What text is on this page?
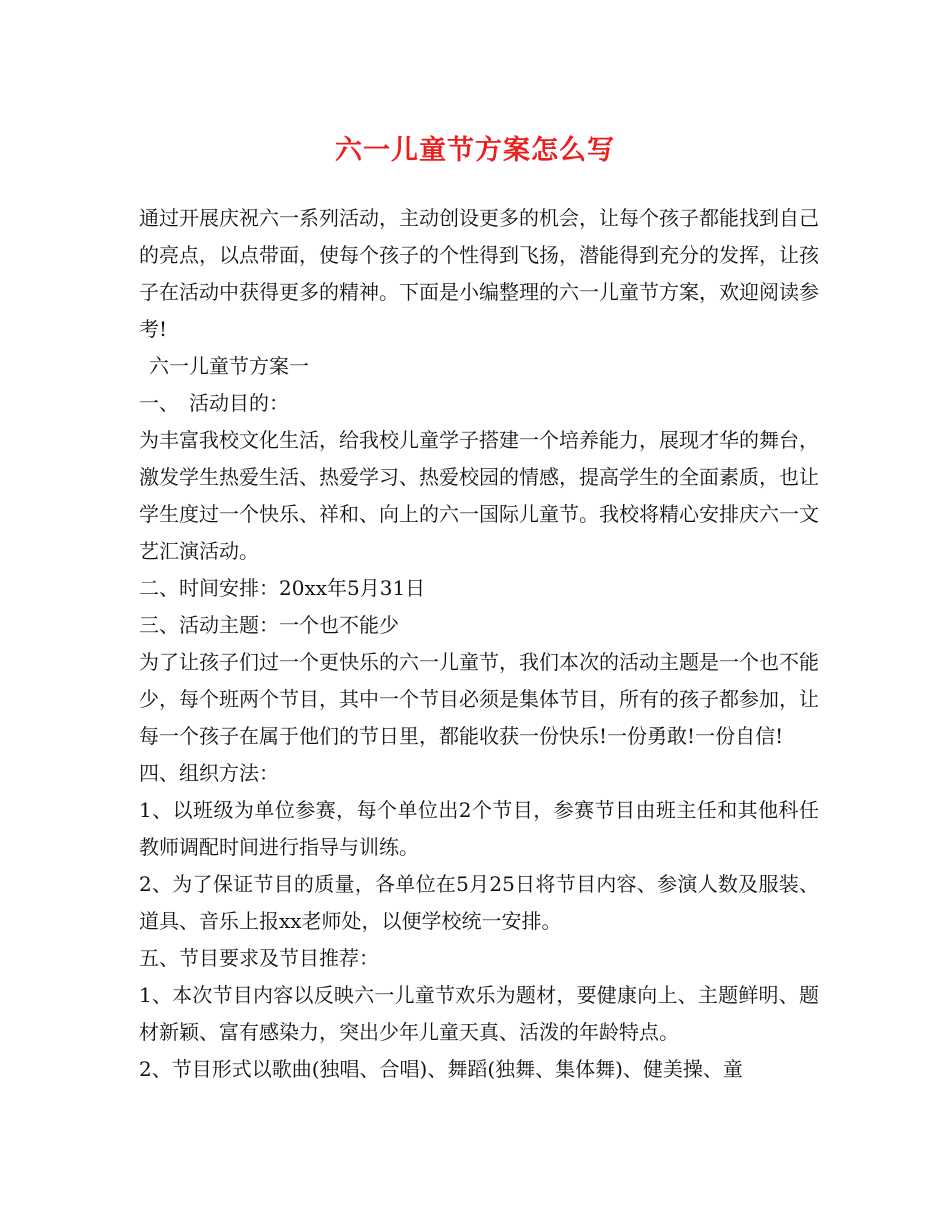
六一儿童节方案怎么写

通过开展庆祝六一系列活动，主动创设更多的机会，让每个孩子都能找到自己的亮点，以点带面，使每个孩子的个性得到飞扬，潜能得到充分的发挥，让孩子在活动中获得更多的精神。下面是小编整理的六一儿童节方案，欢迎阅读参考!

六一儿童节方案一

一、　活动目的：

为丰富我校文化生活，给我校儿童学子搭建一个培养能力，展现才华的舞台，激发学生热爱生活、热爱学习、热爱校园的情感，提高学生的全面素质，也让学生度过一个快乐、祥和、向上的六一国际儿童节。我校将精心安排庆六一文艺汇演活动。

二、时间安排：20xx年5月31日

三、活动主题：一个也不能少

为了让孩子们过一个更快乐的六一儿童节，我们本次的活动主题是一个也不能少，每个班两个节目，其中一个节目必须是集体节目，所有的孩子都参加，让每一个孩子在属于他们的节日里，都能收获一份快乐!一份勇敢!一份自信!

四、组织方法：

1、以班级为单位参赛，每个单位出2个节目，参赛节目由班主任和其他科任教师调配时间进行指导与训练。

2、为了保证节目的质量，各单位在5月25日将节目内容、参演人数及服装、道具、音乐上报xx老师处，以便学校统一安排。

五、节目要求及节目推荐：

1、本次节目内容以反映六一儿童节欢乐为题材，要健康向上、主题鲜明、题材新颖、富有感染力，突出少年儿童天真、活泼的年龄特点。

2、节目形式以歌曲(独唱、合唱)、舞蹈(独舞、集体舞)、健美操、童
